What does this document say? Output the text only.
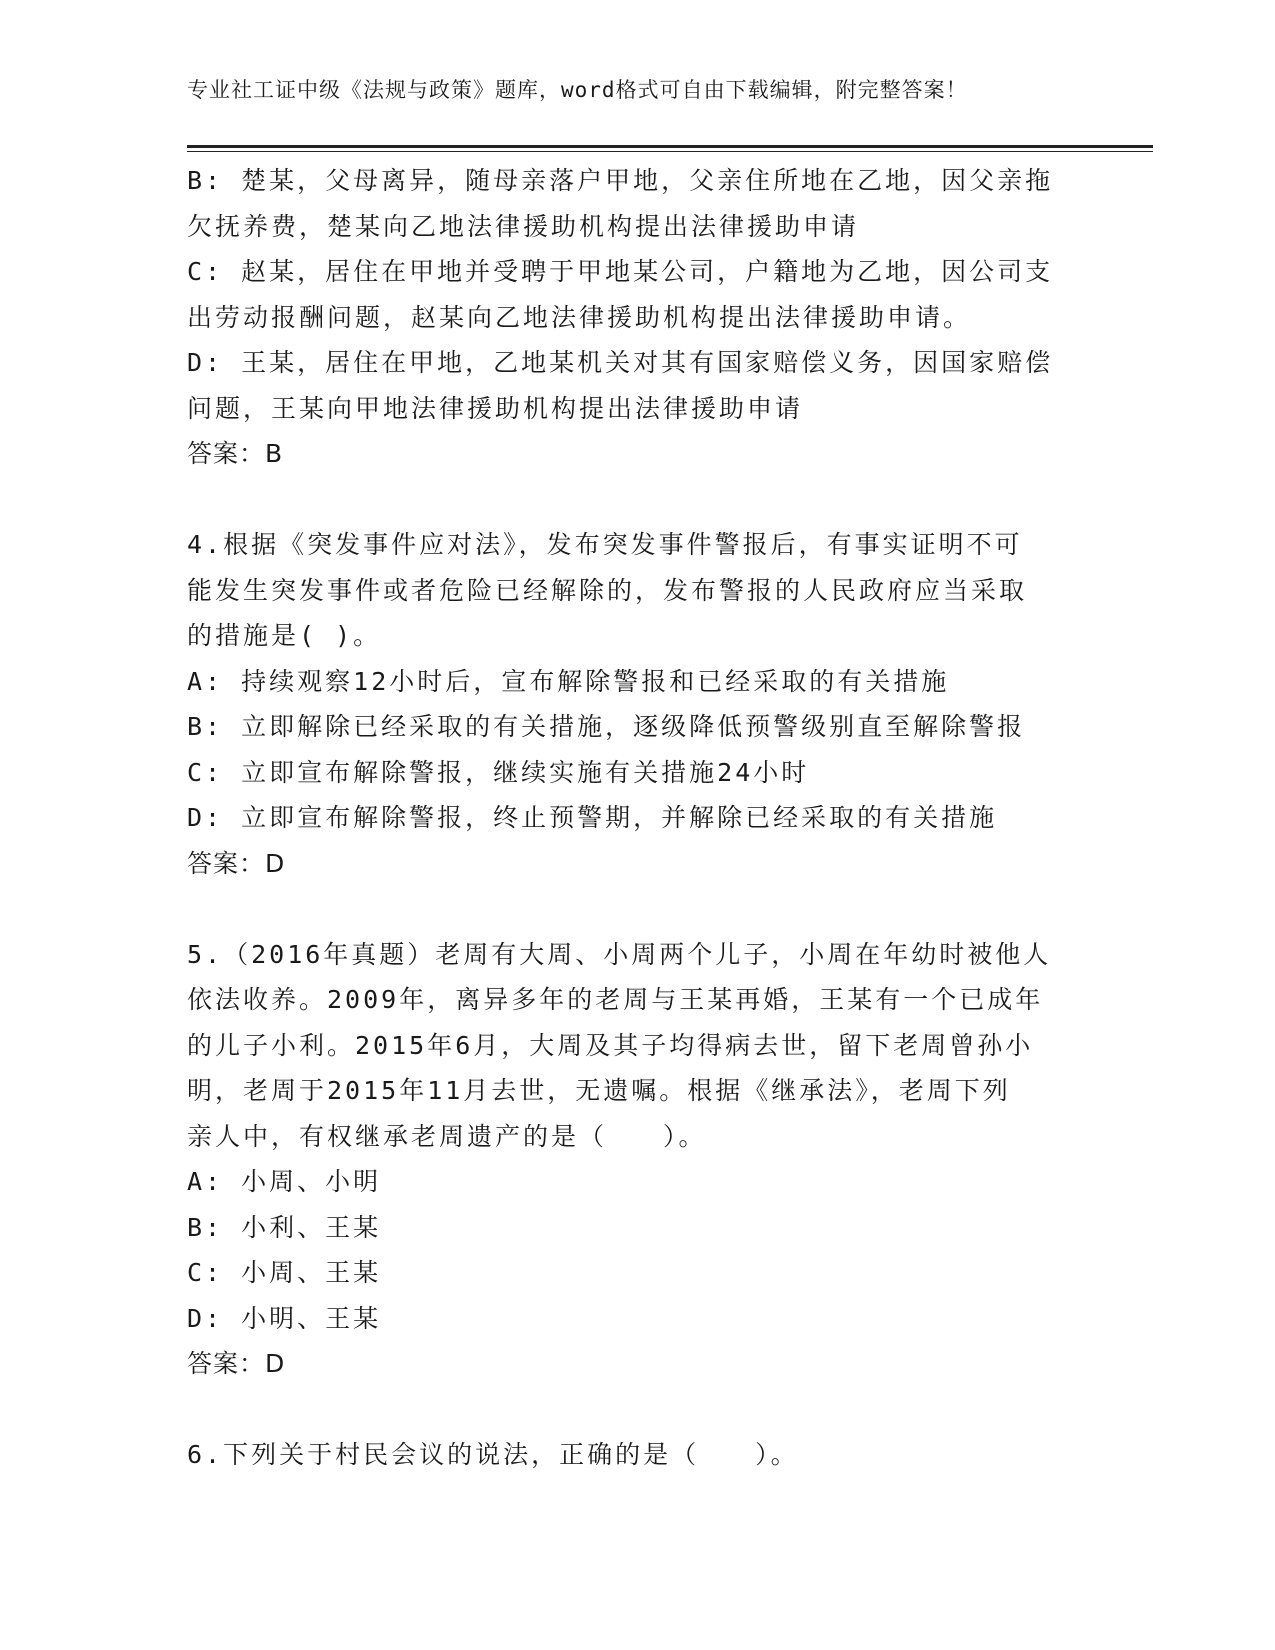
专业社工证中级《法规与政策》题库，word格式可自由下载编辑，附完整答案！
B: 楚某，父母离异，随母亲落户甲地，父亲住所地在乙地，因父亲拖
欠抚养费，楚某向乙地法律援助机构提出法律援助申请
C: 赵某，居住在甲地并受聘于甲地某公司，户籍地为乙地，因公司支
出劳动报酬问题，赵某向乙地法律援助机构提出法律援助申请。
D: 王某，居住在甲地，乙地某机关对其有国家赔偿义务，因国家赔偿
问题，王某向甲地法律援助机构提出法律援助申请
答案：B
4.根据《突发事件应对法》，发布突发事件警报后，有事实证明不可
能发生突发事件或者危险已经解除的，发布警报的人民政府应当采取
的措施是( )。
A: 持续观察12小时后，宣布解除警报和已经采取的有关措施
B: 立即解除已经采取的有关措施，逐级降低预警级别直至解除警报
C: 立即宣布解除警报，继续实施有关措施24小时
D: 立即宣布解除警报，终止预警期，并解除已经采取的有关措施
答案：D
5.（2016年真题）老周有大周、小周两个儿子，小周在年幼时被他人
依法收养。2009年，离异多年的老周与王某再婚，王某有一个已成年
的儿子小利。2015年6月，大周及其子均得病去世，留下老周曾孙小
明，老周于2015年11月去世，无遗嘱。根据《继承法》，老周下列
亲人中，有权继承老周遗产的是（　　）。
A: 小周、小明
B: 小利、王某
C: 小周、王某
D: 小明、王某
答案：D
6.下列关于村民会议的说法，正确的是（　　）。
